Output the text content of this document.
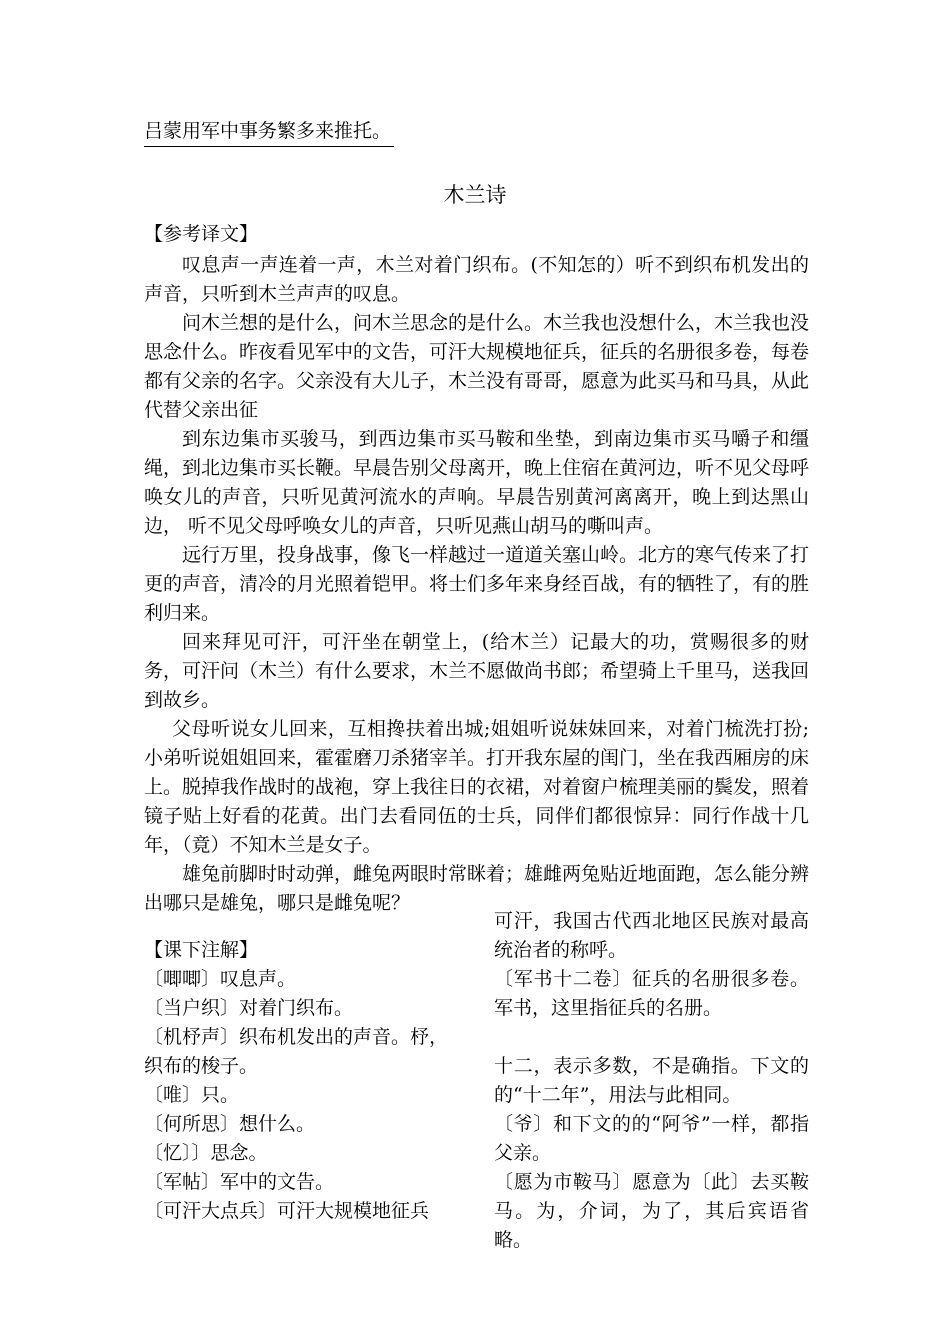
吕蒙用军中事务繁多来推托。
木兰诗
【参考译文】

叹息声一声连着一声，木兰对着门织布。(不知怎的）听不到织布机发出的声音，只听到木兰声声的叹息。

问木兰想的是什么，问木兰思念的是什么。木兰我也没想什么，木兰我也没思念什么。昨夜看见军中的文告，可汗大规模地征兵，征兵的名册很多卷，每卷都有父亲的名字。父亲没有大儿子，木兰没有哥哥，愿意为此买马和马具，从此代替父亲出征

到东边集市买骏马，到西边集市买马鞍和坐垫，到南边集市买马嚼子和缰绳，到北边集市买长鞭。早晨告别父母离开，晚上住宿在黄河边，听不见父母呼唤女儿的声音，只听见黄河流水的声响。早晨告别黄河离离开，晚上到达黑山边， 听不见父母呼唤女儿的声音，只听见燕山胡马的嘶叫声。

远行万里，投身战事，像飞一样越过一道道关塞山岭。北方的寒气传来了打更的声音，清冷的月光照着铠甲。将士们多年来身经百战，有的牺牲了，有的胜利归来。

回来拜见可汗，可汗坐在朝堂上，(给木兰）记最大的功，赏赐很多的财务，可汗问（木兰）有什么要求，木兰不愿做尚书郎；希望骑上千里马，送我回到故乡。

父母听说女儿回来，互相搀扶着出城;姐姐听说妹妹回来，对着门梳洗打扮;小弟听说姐姐回来，霍霍磨刀杀猪宰羊。打开我东屋的闺门，坐在我西厢房的床上。脱掉我作战时的战袍，穿上我往日的衣裙，对着窗户梳理美丽的鬓发，照着镜子贴上好看的花黄。出门去看同伍的士兵，同伴们都很惊异：同行作战十几年，（竟）不知木兰是女子。

雄兔前脚时时动弹，雌兔两眼时常眯着；雄雌两兔贴近地面跑，怎么能分辨出哪只是雄兔，哪只是雌兔呢？

【课下注解】
〔唧唧〕叹息声。
〔当户织〕对着门织布。
〔机杼声〕织布机发出的声音。杼，织布的梭子。
〔唯〕只。
〔何所思〕想什么。
〔忆〕〕思念。
〔军帖〕军中的文告。
〔可汗大点兵〕可汗大规模地征兵
可汗，我国古代西北地区民族对最高统治者的称呼。
〔军书十二卷〕征兵的名册很多卷。军书，这里指征兵的名册。
十二，表示多数，不是确指。下文的的“十二年”，用法与此相同。
〔爷〕和下文的的“阿爷”一样，都指父亲。
〔愿为市鞍马〕愿意为〔此〕去买鞍马。为，介词，为了，其后宾语省略。
